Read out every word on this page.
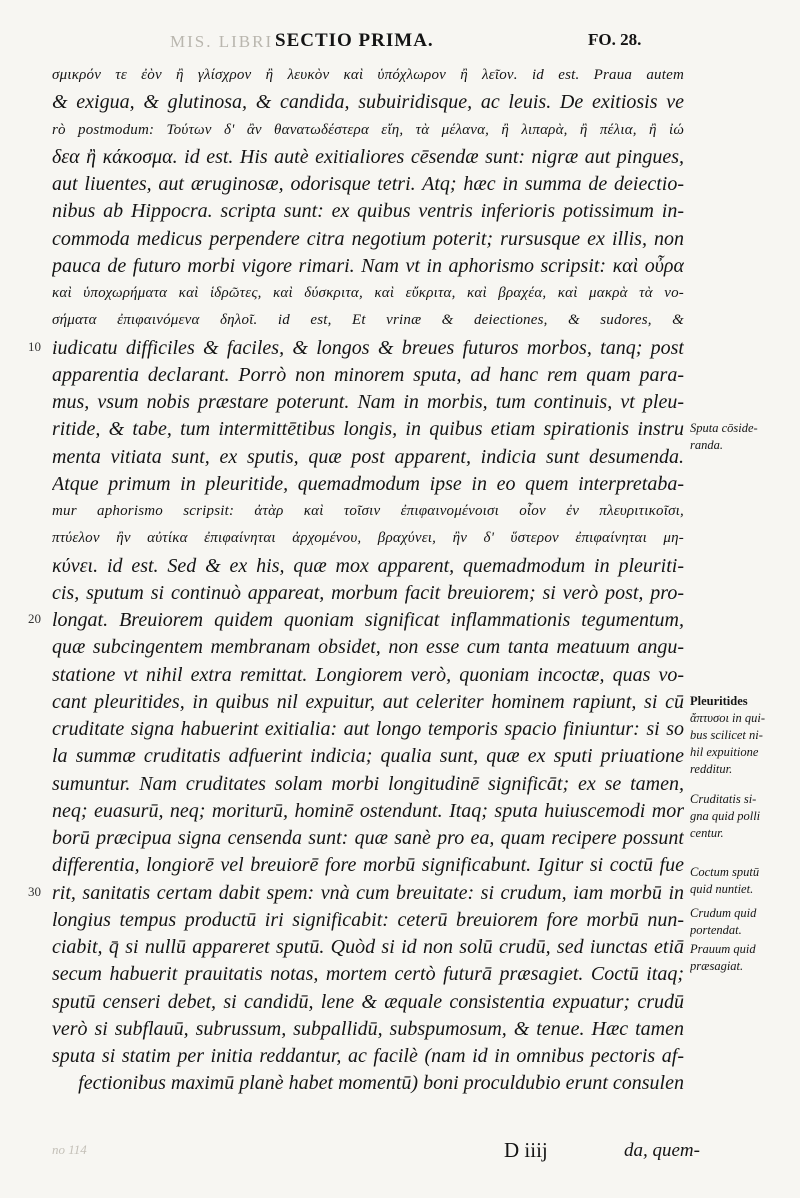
MIS. LIBRI SECTIO PRIMA.	FO. 28.
σμικρόν τε ἐὸν ἢ γλίσχρον ἢ λευκὸν καὶ ὑπόχλωρον ἢ λεῖον. id est. Praua autem
& exigua, & glutinosa, & candida, subuiridisque, ac leuis. De exitiosis ve
rò postmodum: Τούτων δ' ἂν θανατωδέστερα εἴη, τὰ μέλανα, ἢ λιπαρὰ, ἢ πέλια, ἢ ἰώ
δεα ἢ κάκοσμα. id est. His autè exitialiores cēsendæ sunt: nigræ aut pingues,
aut liuentes, aut æruginosæ, odorisque tetri. Atq; hæc in summa de deiectio-
nibus ab Hippocra. scripta sunt: ex quibus ventris inferioris potissimum in-
commoda medicus perpendere citra negotium poterit; rursusque ex illis, non
pauca de futuro morbi vigore rimari. Nam vt in aphorismo scripsit: καὶ οὖρα
καὶ ὑποχωρήματα καὶ ἱδρῶτες, καὶ δύσκριτα, καὶ εὔκριτα, καὶ βραχέα, καὶ μακρὰ τὰ νο-
σήματα ἐπιφαινόμενα δηλοῖ. id est, Et vrinæ & deiectiones, & sudores, &
iudicatu difficiles & faciles, & longos & breues futuros morbos, tanq; post
apparentia declarant. Porrò non minorem sputa, ad hanc rem quam para-
mus, vsum nobis præstare poterunt. Nam in morbis, tum continuis, vt pleu-
ritide, & tabe, tum intermittētibus longis, in quibus etiam spirationis instru
menta vitiata sunt, ex sputis, quæ post apparent, indicia sunt desumenda.
Atque primum in pleuritide, quemadmodum ipse in eo quem interpretaba-
mur aphorismo scripsit: ἀτὰρ καὶ τοῖσιν ἐπιφαινομένοισι οἷον ἐν πλευριτικοῖσι,
πτύελον ἢν αὐτίκα ἐπιφαίνηται ἀρχομένου, βραχύνει, ἢν δ' ὕστερον ἐπιφαίνηται μη-
κύνει. id est. Sed & ex his, quæ mox apparent, quemadmodum in pleuriti-
cis, sputum si continuò appareat, morbum facit breuiorem; si verò post, pro-
longat. Breuiorem quidem quoniam significat inflammationis tegumentum,
quæ subcingentem membranam obsidet, non esse cum tanta meatuum angu-
statione vt nihil extra remittat. Longiorem verò, quoniam incoctæ, quas vo-
cant pleuritides, in quibus nil expuitur, aut celeriter hominem rapiunt, si cū
cruditate signa habuerint exitialia: aut longo temporis spacio finiuntur: si so
la summæ cruditatis adfuerint indicia; qualia sunt, quæ ex sputi priuatione
sumuntur. Nam cruditates solam morbi longitudinē significāt; ex se tamen,
neq; euasurū, neq; moriturū, hominē ostendunt. Itaq; sputa huiuscemodi mor
borū præcipua signa censenda sunt: quæ sanè pro ea, quam recipere possunt
differentia, longiorē vel breuiorē fore morbū significabunt. Igitur si coctū fue
rit, sanitatis certam dabit spem: vnà cum breuitate: si crudum, iam morbū in
longius tempus productū iri significabit: ceterū breuiorem fore morbū nun-
ciabit, q̄ si nullū appareret sputū. Quòd si id non solū crudū, sed iunctas etiā
secum habuerit prauitatis notas, mortem certò futurā præsagiet. Coctū itaq;
sputū censeri debet, si candidū, lene & æquale consistentia expuatur; crudū
verò si subflauū, subrussum, subpallidū, subspumosum, & tenue. Hæc tamen
sputa si statim per initia reddantur, ac facilè (nam id in omnibus pectoris af-
fectionibus maximū planè habet momentū) boni proculdubio erunt consulen
10
20
30
Sputa cōside-
randa.
Pleuritides
ἄπτυσοι in qui-
bus scilicet ni-
hil expuitione
redditur.
Cruditatis si-
gna quid polli
centur.
Coctum sputū
quid nuntiet.
Crudum quid
portendat.
Prauum quid
præsagiat.
no 114	D iiij	da, quem-
